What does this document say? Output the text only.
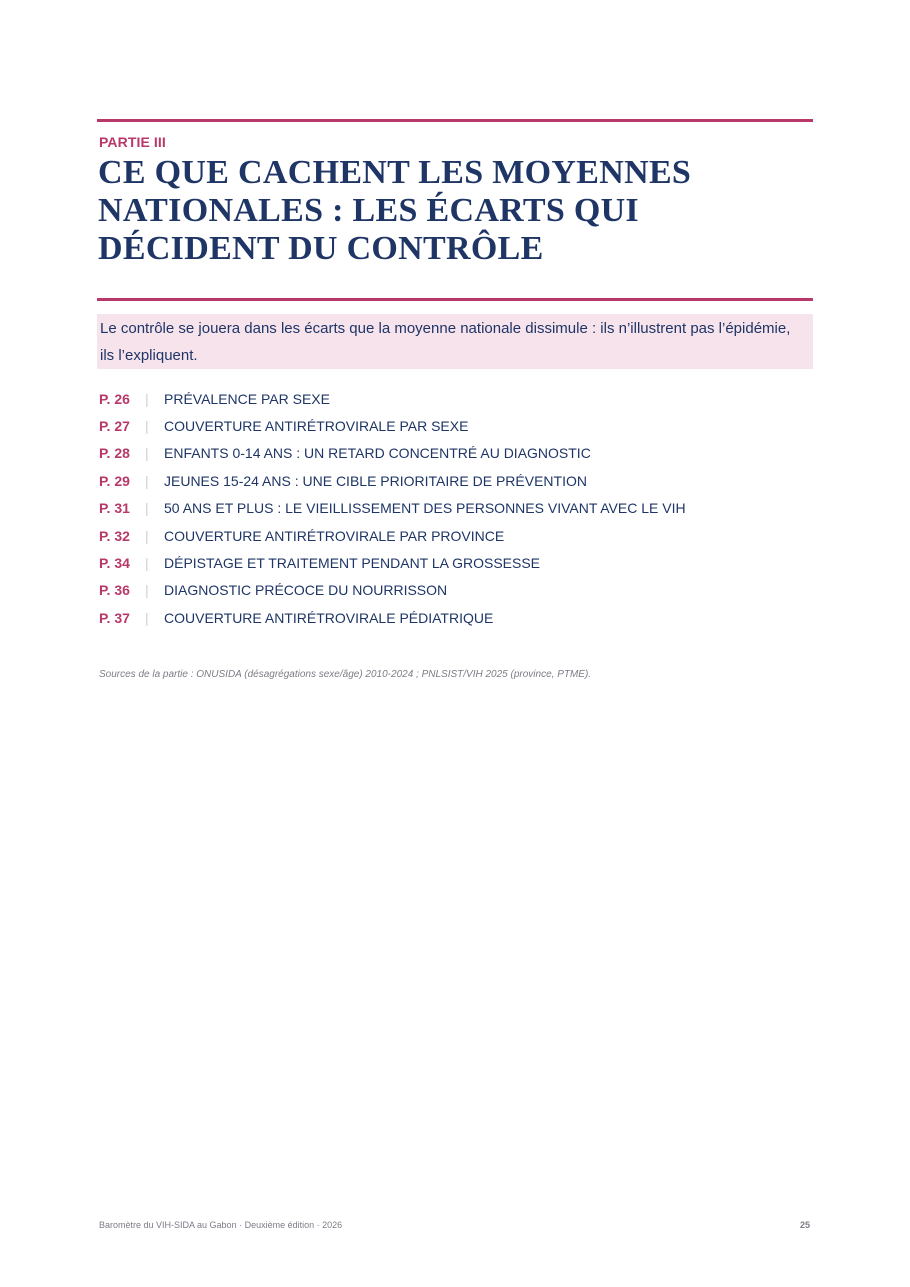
PARTIE III
CE QUE CACHENT LES MOYENNES
NATIONALES : LES ÉCARTS QUI
DÉCIDENT DU CONTRÔLE
Le contrôle se jouera dans les écarts que la moyenne nationale dissimule : ils n’illustrent pas l’épidémie, ils l’expliquent.
P. 26	|	PRÉVALENCE PAR SEXE
P. 27	|	COUVERTURE ANTIRÉTROVIRALE PAR SEXE
P. 28	|	ENFANTS 0-14 ANS : UN RETARD CONCENTRÉ AU DIAGNOSTIC
P. 29	|	JEUNES 15-24 ANS : UNE CIBLE PRIORITAIRE DE PRÉVENTION
P. 31	|	50 ANS ET PLUS : LE VIEILLISSEMENT DES PERSONNES VIVANT AVEC LE VIH
P. 32	|	COUVERTURE ANTIRÉTROVIRALE PAR PROVINCE
P. 34	|	DÉPISTAGE ET TRAITEMENT PENDANT LA GROSSESSE
P. 36	|	DIAGNOSTIC PRÉCOCE DU NOURRISSON
P. 37	|	COUVERTURE ANTIRÉTROVIRALE PÉDIATRIQUE
Sources de la partie : ONUSIDA (désagrégations sexe/âge) 2010-2024 ; PNLSIST/VIH 2025 (province, PTME).
Baromètre du VIH-SIDA au Gabon · Deuxième édition · 2026	25
